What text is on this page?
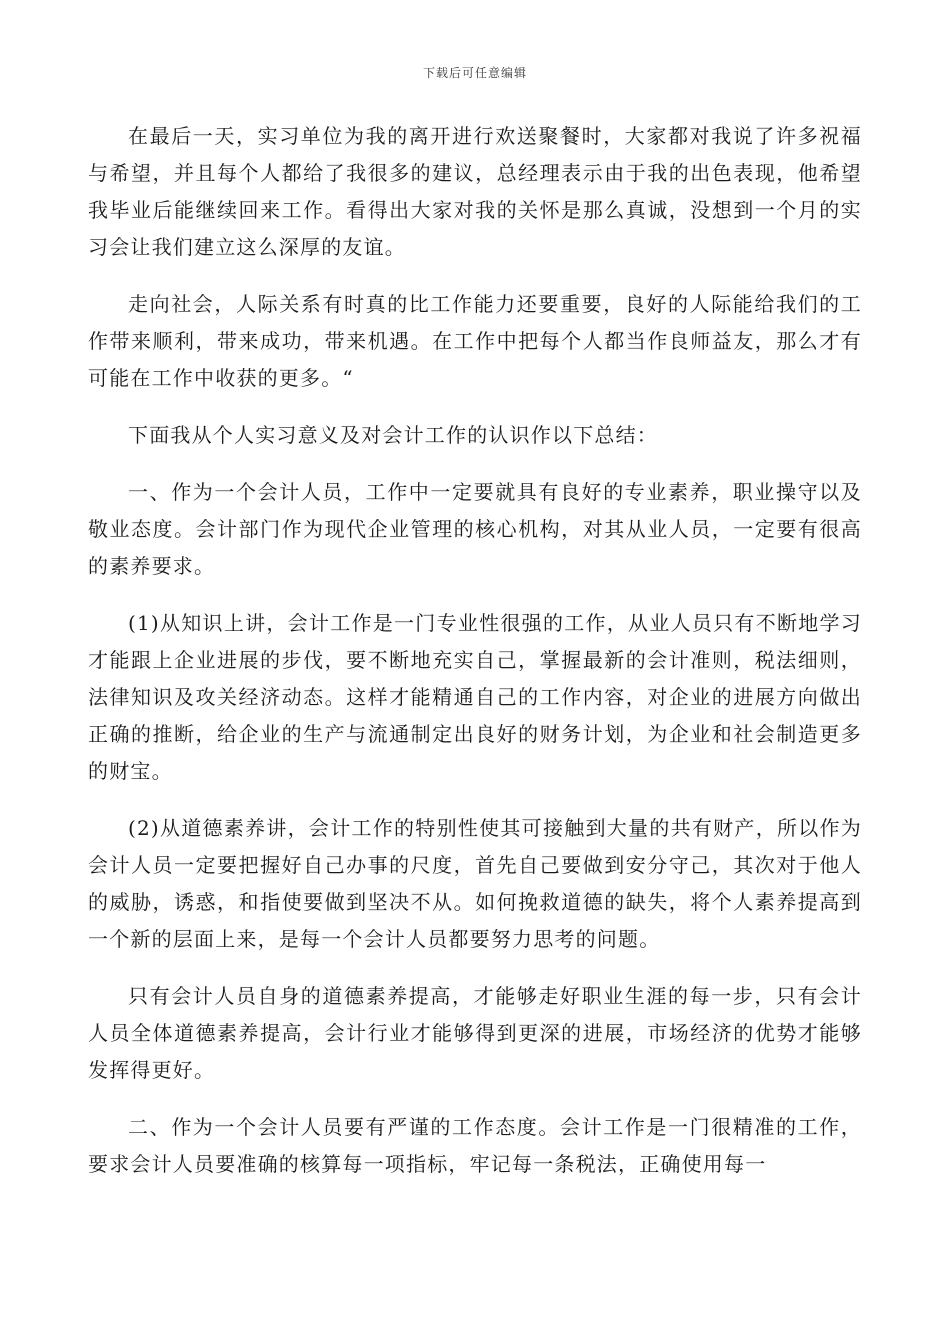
下载后可任意编辑

在最后一天，实习单位为我的离开进行欢送聚餐时，大家都对我说了许多祝福与希望，并且每个人都给了我很多的建议，总经理表示由于我的出色表现，他希望我毕业后能继续回来工作。看得出大家对我的关怀是那么真诚，没想到一个月的实习会让我们建立这么深厚的友谊。

走向社会，人际关系有时真的比工作能力还要重要，良好的人际能给我们的工作带来顺利，带来成功，带来机遇。在工作中把每个人都当作良师益友，那么才有可能在工作中收获的更多。“

下面我从个人实习意义及对会计工作的认识作以下总结：

一、作为一个会计人员，工作中一定要就具有良好的专业素养，职业操守以及敬业态度。会计部门作为现代企业管理的核心机构，对其从业人员，一定要有很高的素养要求。

(1)从知识上讲，会计工作是一门专业性很强的工作，从业人员只有不断地学习才能跟上企业进展的步伐，要不断地充实自己，掌握最新的会计准则，税法细则，法律知识及攻关经济动态。这样才能精通自己的工作内容，对企业的进展方向做出正确的推断，给企业的生产与流通制定出良好的财务计划，为企业和社会制造更多的财宝。

(2)从道德素养讲，会计工作的特别性使其可接触到大量的共有财产，所以作为会计人员一定要把握好自己办事的尺度，首先自己要做到安分守己，其次对于他人的威胁，诱惑，和指使要做到坚决不从。如何挽救道德的缺失，将个人素养提高到一个新的层面上来，是每一个会计人员都要努力思考的问题。

只有会计人员自身的道德素养提高，才能够走好职业生涯的每一步，只有会计人员全体道德素养提高，会计行业才能够得到更深的进展，市场经济的优势才能够发挥得更好。

二、作为一个会计人员要有严谨的工作态度。会计工作是一门很精准的工作，要求会计人员要准确的核算每一项指标，牢记每一条税法，正确使用每一
